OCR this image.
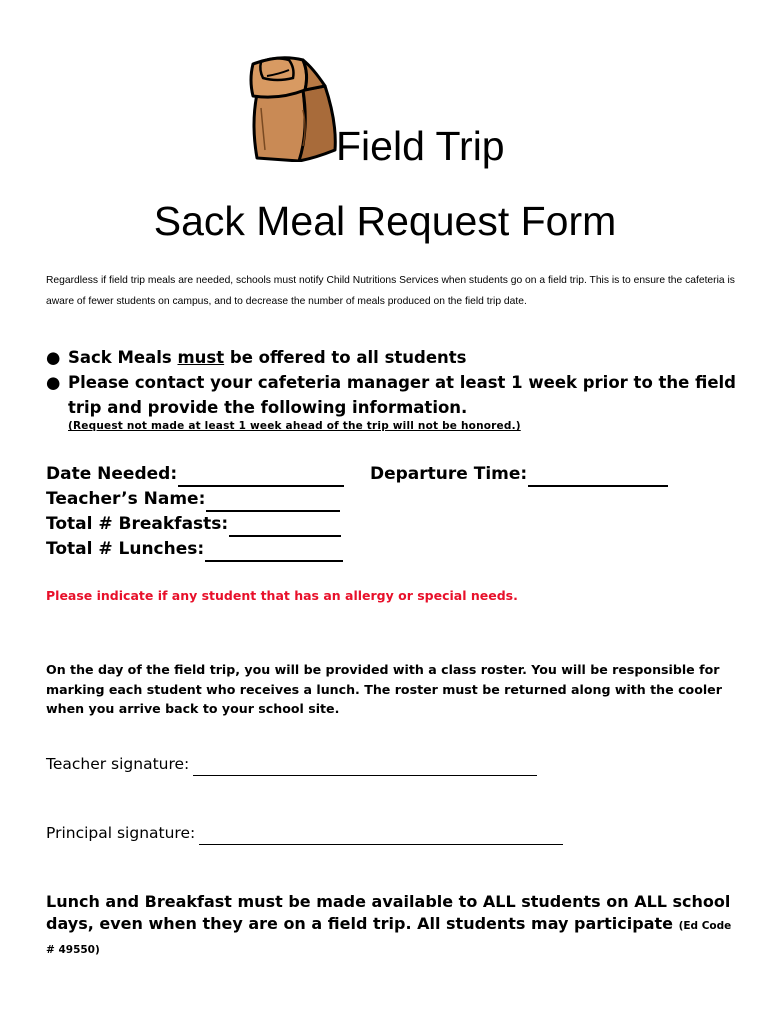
Field Trip
Sack Meal Request Form

Regardless if field trip meals are needed, schools must notify Child Nutritions Services when students go on a field trip. This is to ensure the cafeteria is aware of fewer students on campus, and to decrease the number of meals produced on the field trip date.

● Sack Meals must be offered to all students
● Please contact your cafeteria manager at least 1 week prior to the field trip and provide the following information.

(Request not made at least 1 week ahead of the trip will not be honored.)

Date Needed:	Departure Time:
Teacher’s Name:
Total # Breakfasts:
Total # Lunches:

Please indicate if any student that has an allergy or special needs.

On the day of the field trip, you will be provided with a class roster. You will be responsible for marking each student who receives a lunch. The roster must be returned along with the cooler when you arrive back to your school site.

Teacher signature:
Principal signature:

Lunch and Breakfast must be made available to ALL students on ALL school days, even when they are on a field trip. All students may participate (Ed Code # 49550)
